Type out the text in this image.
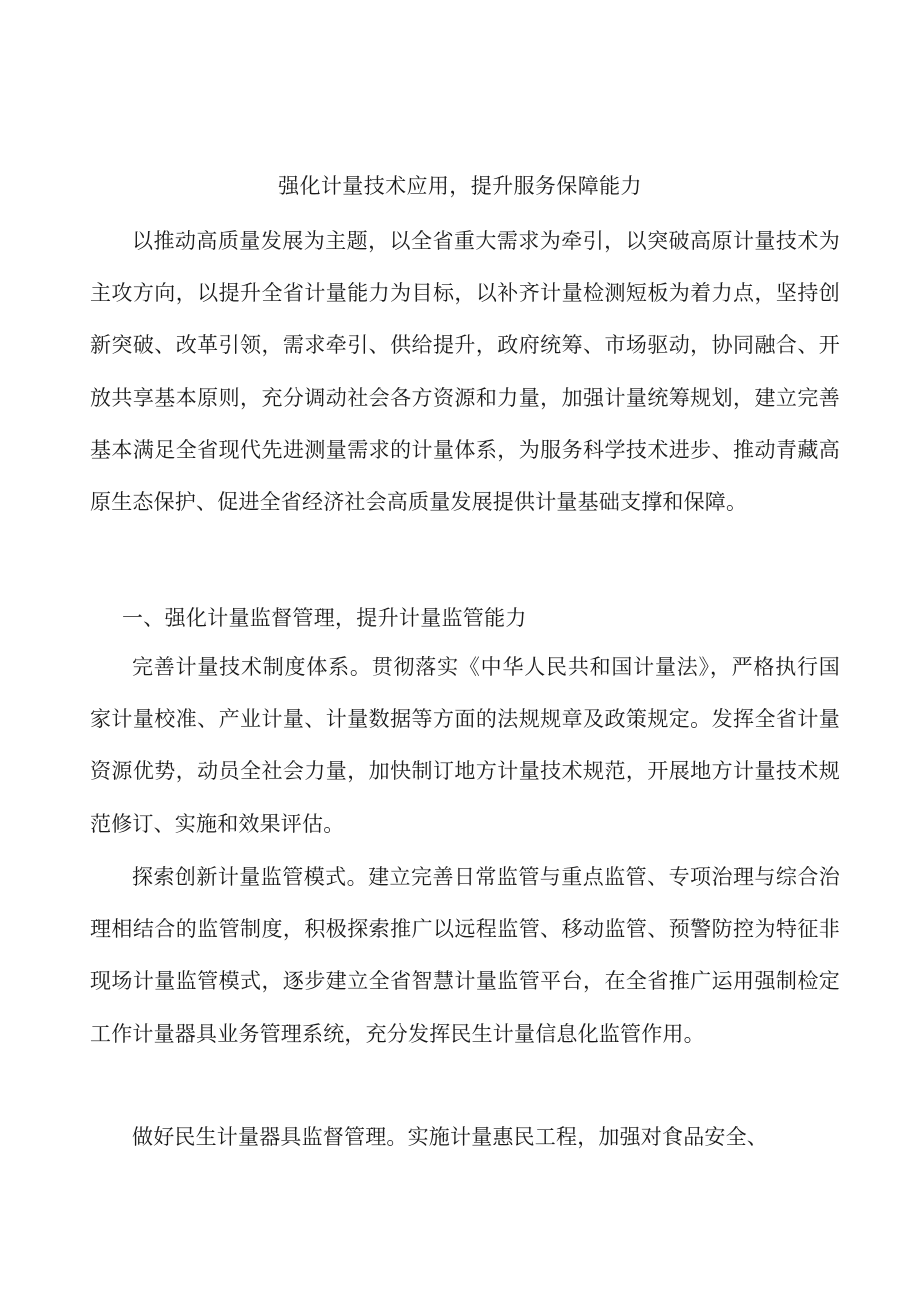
强化计量技术应用，提升服务保障能力

以推动高质量发展为主题，以全省重大需求为牵引，以突破高原计量技术为主攻方向，以提升全省计量能力为目标，以补齐计量检测短板为着力点，坚持创新突破、改革引领，需求牵引、供给提升，政府统筹、市场驱动，协同融合、开放共享基本原则，充分调动社会各方资源和力量，加强计量统筹规划，建立完善基本满足全省现代先进测量需求的计量体系，为服务科学技术进步、推动青藏高原生态保护、促进全省经济社会高质量发展提供计量基础支撑和保障。

一、强化计量监督管理，提升计量监管能力

完善计量技术制度体系。贯彻落实《中华人民共和国计量法》，严格执行国家计量校准、产业计量、计量数据等方面的法规规章及政策规定。发挥全省计量资源优势，动员全社会力量，加快制订地方计量技术规范，开展地方计量技术规范修订、实施和效果评估。

探索创新计量监管模式。建立完善日常监管与重点监管、专项治理与综合治理相结合的监管制度，积极探索推广以远程监管、移动监管、预警防控为特征非现场计量监管模式，逐步建立全省智慧计量监管平台，在全省推广运用强制检定工作计量器具业务管理系统，充分发挥民生计量信息化监管作用。

做好民生计量器具监督管理。实施计量惠民工程，加强对食品安全、
